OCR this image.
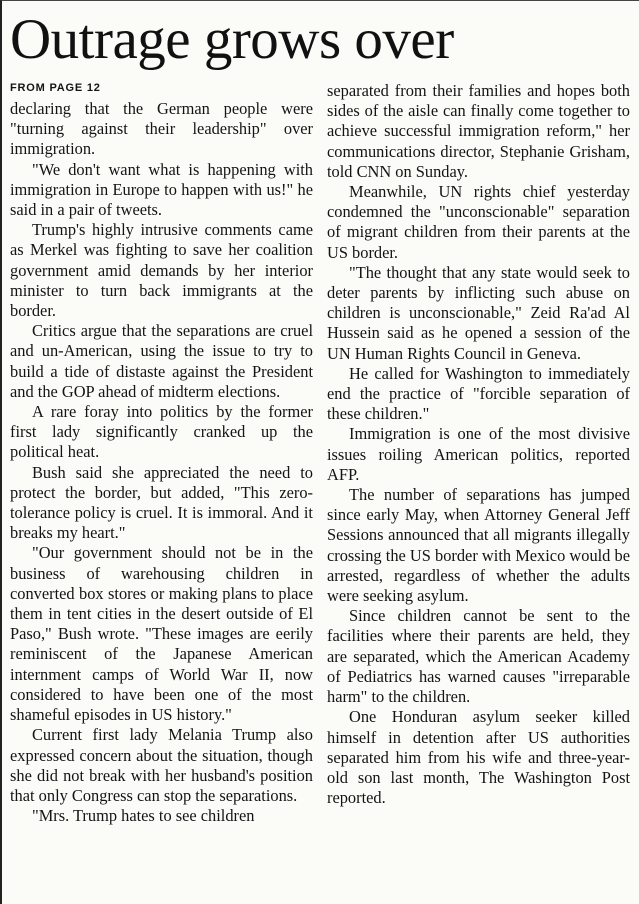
Outrage grows over
FROM PAGE 12

declaring that the German people were "turning against their leadership" over immigration.

"We don't want what is happening with immigration in Europe to happen with us!" he said in a pair of tweets.

Trump's highly intrusive comments came as Merkel was fighting to save her coalition government amid demands by her interior minister to turn back immigrants at the border.

Critics argue that the separations are cruel and un-American, using the issue to try to build a tide of distaste against the President and the GOP ahead of midterm elections.

A rare foray into politics by the former first lady significantly cranked up the political heat.

Bush said she appreciated the need to protect the border, but added, "This zero-tolerance policy is cruel. It is immoral. And it breaks my heart."

"Our government should not be in the business of warehousing children in converted box stores or making plans to place them in tent cities in the desert outside of El Paso," Bush wrote. "These images are eerily reminiscent of the Japanese American internment camps of World War II, now considered to have been one of the most shameful episodes in US history."

Current first lady Melania Trump also expressed concern about the situation, though she did not break with her husband's position that only Congress can stop the separations.

"Mrs. Trump hates to see children

separated from their families and hopes both sides of the aisle can finally come together to achieve successful immigration reform," her communications director, Stephanie Grisham, told CNN on Sunday.

Meanwhile, UN rights chief yesterday condemned the "unconscionable" separation of migrant children from their parents at the US border.

"The thought that any state would seek to deter parents by inflicting such abuse on children is unconscionable," Zeid Ra'ad Al Hussein said as he opened a session of the UN Human Rights Council in Geneva.

He called for Washington to immediately end the practice of "forcible separation of these children."

Immigration is one of the most divisive issues roiling American politics, reported AFP.

The number of separations has jumped since early May, when Attorney General Jeff Sessions announced that all migrants illegally crossing the US border with Mexico would be arrested, regardless of whether the adults were seeking asylum.

Since children cannot be sent to the facilities where their parents are held, they are separated, which the American Academy of Pediatrics has warned causes "irreparable harm" to the children.

One Honduran asylum seeker killed himself in detention after US authorities separated him from his wife and three-year-old son last month, The Washington Post reported.
